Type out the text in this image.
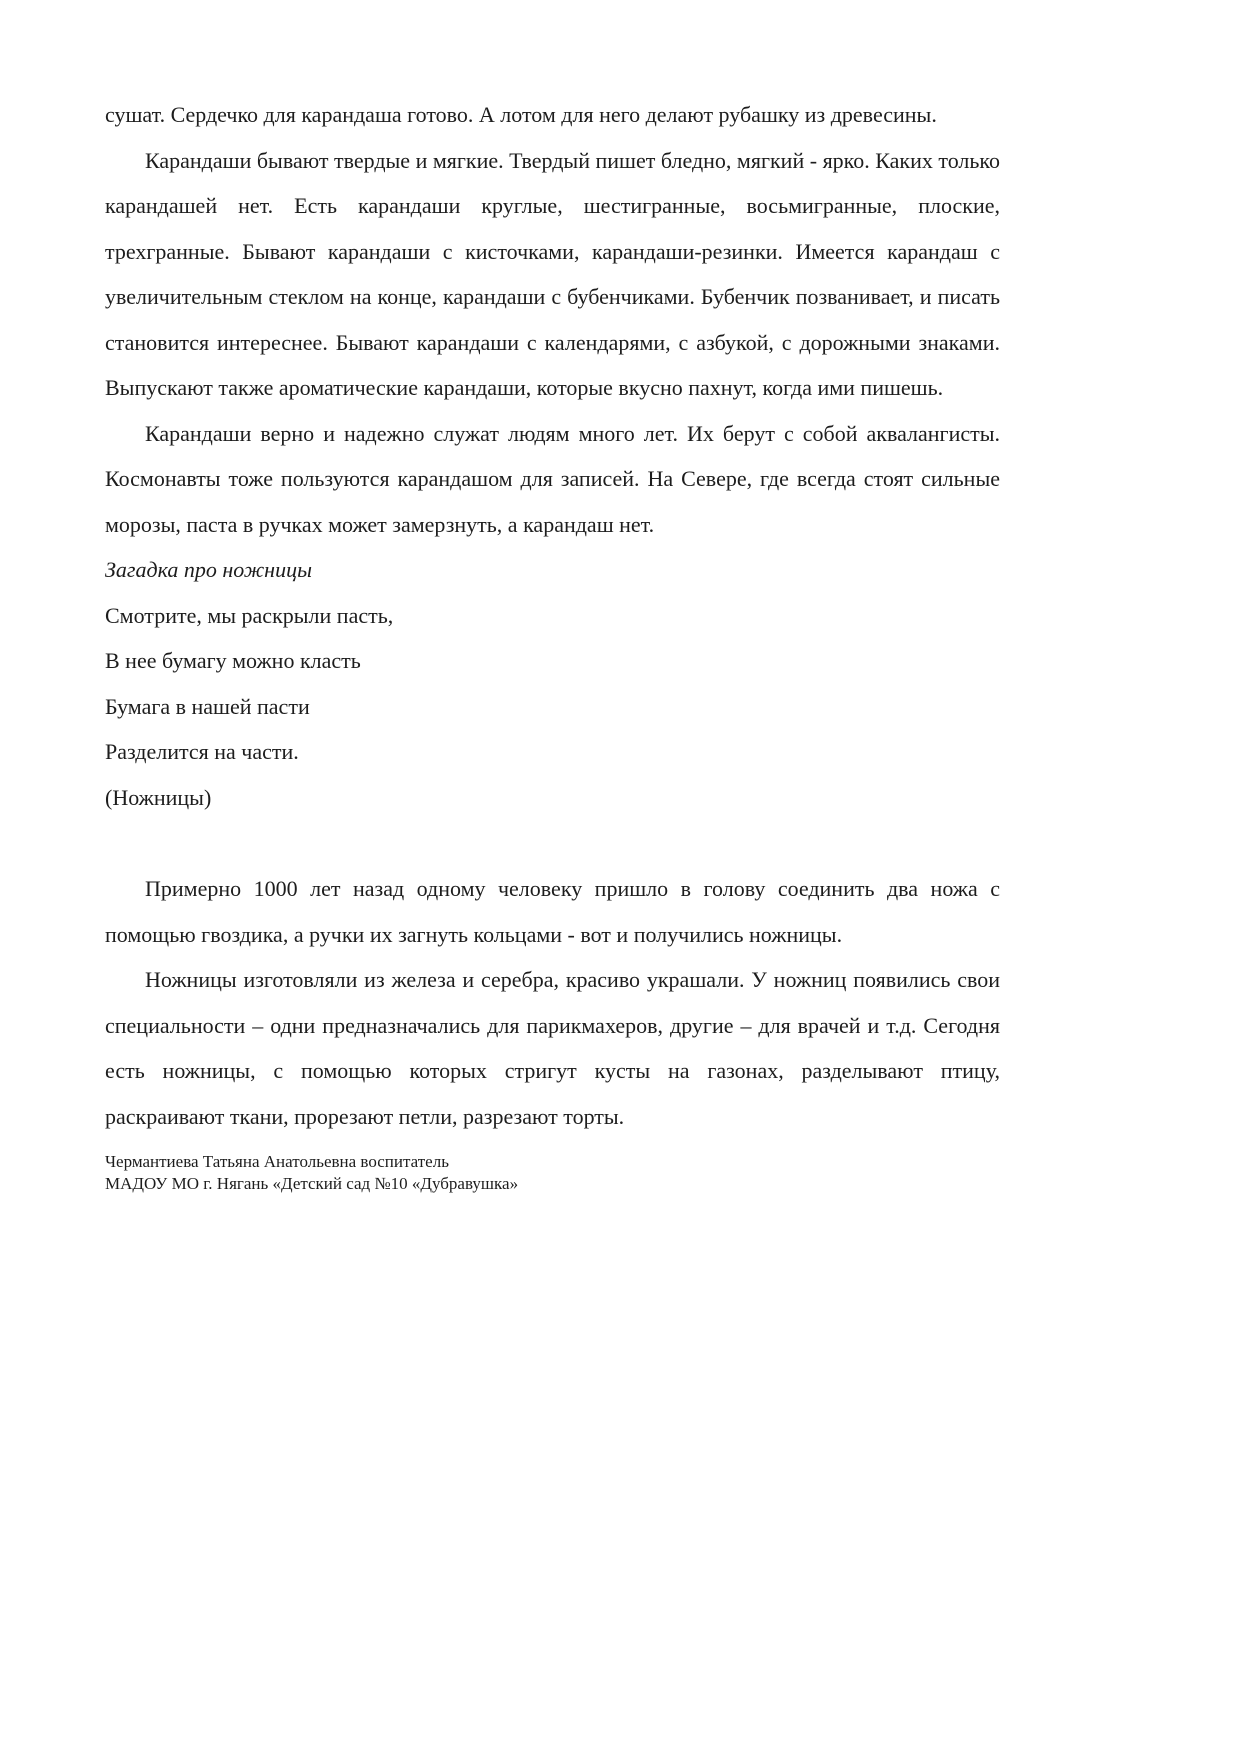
сушат. Сердечко для карандаша готово. А лотом для него делают рубашку из древесины.

Карандаши бывают твердые и мягкие. Твердый пишет бледно, мягкий - ярко. Каких только карандашей нет. Есть карандаши круглые, шестигранные, восьмигранные, плоские, трехгранные. Бывают карандаши с кисточками, карандаши-резинки. Имеется карандаш с увеличительным стеклом на конце, карандаши с бубенчиками. Бубенчик позванивает, и писать становится интереснее. Бывают карандаши с календарями, с азбукой, с дорожными знаками. Выпускают также ароматические карандаши, которые вкусно пахнут, когда ими пишешь.

Карандаши верно и надежно служат людям много лет. Их берут с собой аквалангисты. Космонавты тоже пользуются карандашом для записей. На Севере, где всегда стоят сильные морозы, паста в ручках может замерзнуть, а карандаш нет.

Загадка про ножницы

Смотрите, мы раскрыли пасть,

В нее бумагу можно класть

Бумага в нашей пасти

Разделится на части.

(Ножницы)

Примерно 1000 лет назад одному человеку пришло в голову соединить два ножа с помощью гвоздика, а ручки их загнуть кольцами - вот и получились ножницы.

Ножницы изготовляли из железа и серебра, красиво украшали. У ножниц появились свои специальности – одни предназначались для парикмахеров, другие – для врачей и т.д. Сегодня есть ножницы, с помощью которых стригут кусты на газонах, разделывают птицу, раскраивают ткани, прорезают петли, разрезают торты.

Чермантиева Татьяна Анатольевна воспитатель
МАДОУ МО г. Нягань «Детский сад №10 «Дубравушка»
